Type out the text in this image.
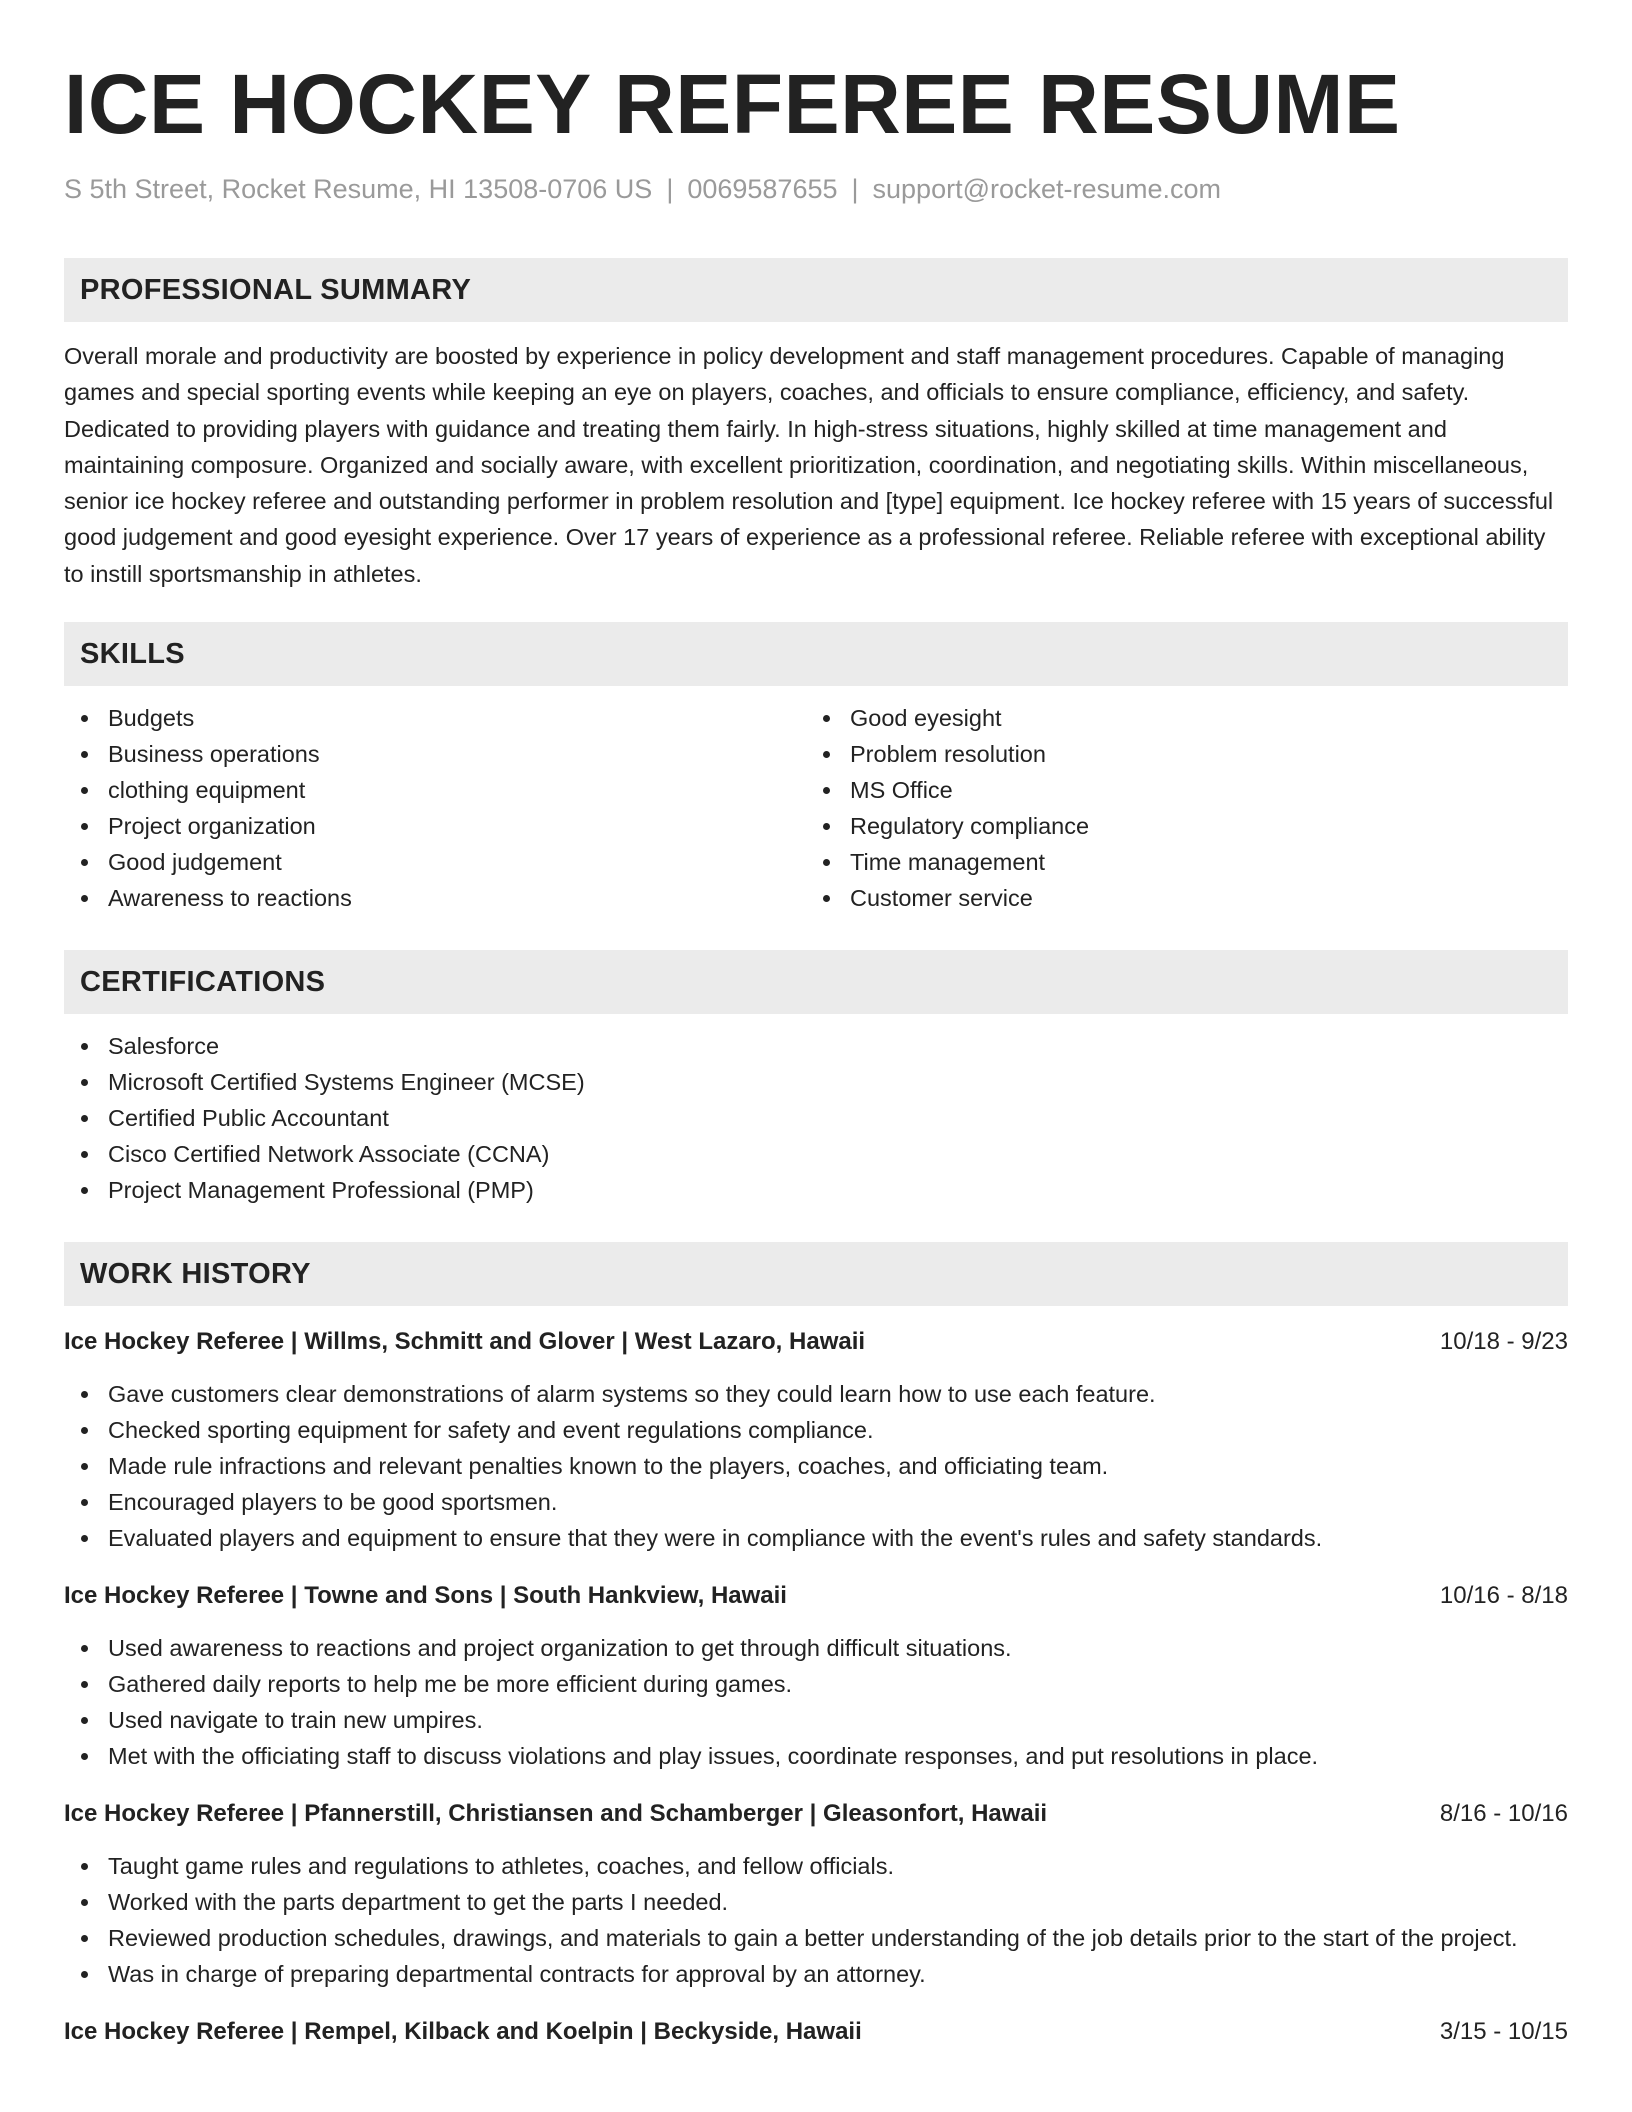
ICE HOCKEY REFEREE RESUME
S 5th Street, Rocket Resume, HI 13508-0706 US | 0069587655 | support@rocket-resume.com
PROFESSIONAL SUMMARY
Overall morale and productivity are boosted by experience in policy development and staff management procedures. Capable of managing games and special sporting events while keeping an eye on players, coaches, and officials to ensure compliance, efficiency, and safety. Dedicated to providing players with guidance and treating them fairly. In high-stress situations, highly skilled at time management and maintaining composure. Organized and socially aware, with excellent prioritization, coordination, and negotiating skills. Within miscellaneous, senior ice hockey referee and outstanding performer in problem resolution and [type] equipment. Ice hockey referee with 15 years of successful good judgement and good eyesight experience. Over 17 years of experience as a professional referee. Reliable referee with exceptional ability to instill sportsmanship in athletes.
SKILLS
Budgets
Business operations
clothing equipment
Project organization
Good judgement
Awareness to reactions
Good eyesight
Problem resolution
MS Office
Regulatory compliance
Time management
Customer service
CERTIFICATIONS
Salesforce
Microsoft Certified Systems Engineer (MCSE)
Certified Public Accountant
Cisco Certified Network Associate (CCNA)
Project Management Professional (PMP)
WORK HISTORY
Ice Hockey Referee | Willms, Schmitt and Glover | West Lazaro, Hawaii	10/18 - 9/23
Gave customers clear demonstrations of alarm systems so they could learn how to use each feature.
Checked sporting equipment for safety and event regulations compliance.
Made rule infractions and relevant penalties known to the players, coaches, and officiating team.
Encouraged players to be good sportsmen.
Evaluated players and equipment to ensure that they were in compliance with the event's rules and safety standards.
Ice Hockey Referee | Towne and Sons | South Hankview, Hawaii	10/16 - 8/18
Used awareness to reactions and project organization to get through difficult situations.
Gathered daily reports to help me be more efficient during games.
Used navigate to train new umpires.
Met with the officiating staff to discuss violations and play issues, coordinate responses, and put resolutions in place.
Ice Hockey Referee | Pfannerstill, Christiansen and Schamberger | Gleasonfort, Hawaii	8/16 - 10/16
Taught game rules and regulations to athletes, coaches, and fellow officials.
Worked with the parts department to get the parts I needed.
Reviewed production schedules, drawings, and materials to gain a better understanding of the job details prior to the start of the project.
Was in charge of preparing departmental contracts for approval by an attorney.
Ice Hockey Referee | Rempel, Kilback and Koelpin | Beckyside, Hawaii	3/15 - 10/15
